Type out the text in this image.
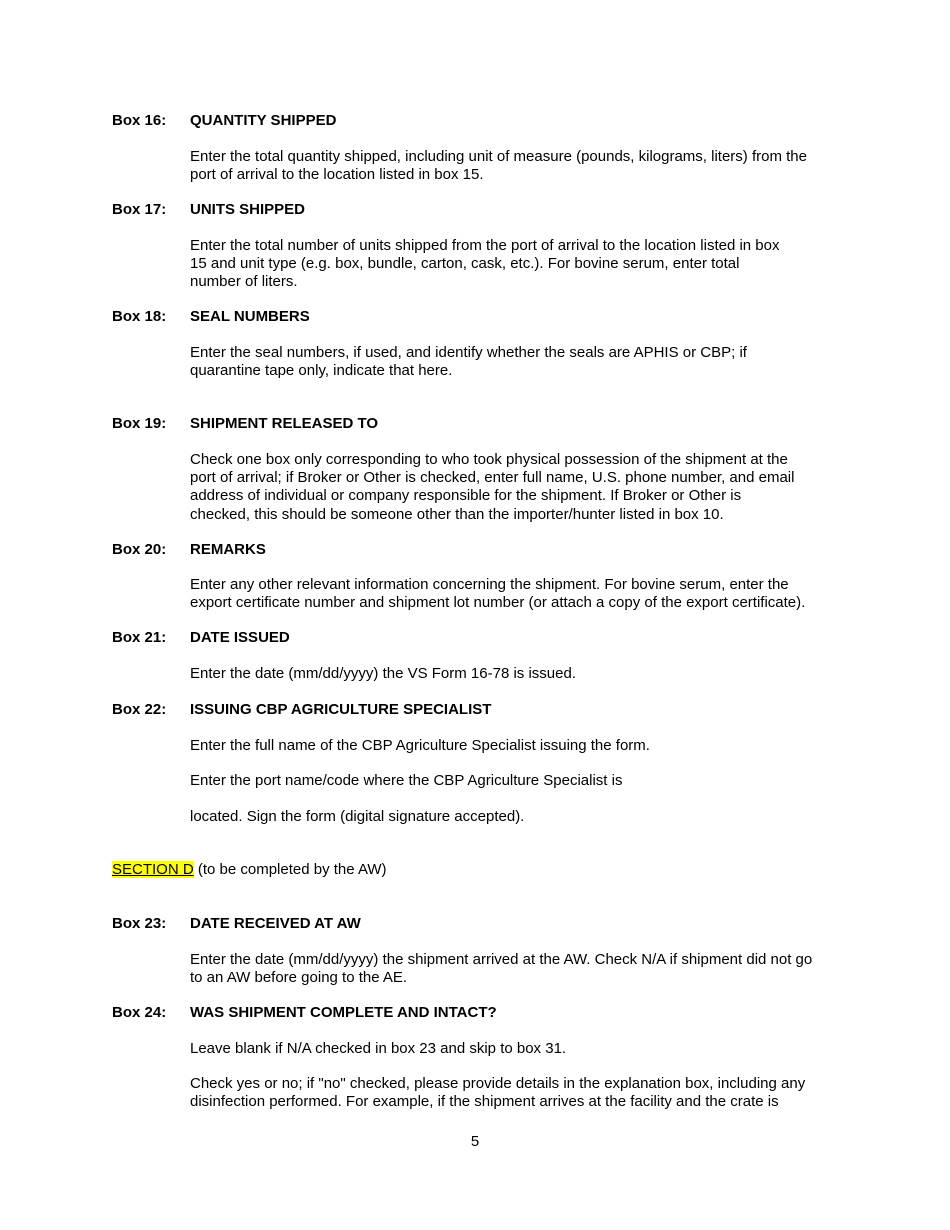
Box 16: QUANTITY SHIPPED
Enter the total quantity shipped, including unit of measure (pounds, kilograms, liters) from the
port of arrival to the location listed in box 15.
Box 17: UNITS SHIPPED
Enter the total number of units shipped from the port of arrival to the location listed in box
15 and unit type (e.g. box, bundle, carton, cask, etc.). For bovine serum, enter total
number of liters.
Box 18: SEAL NUMBERS
Enter the seal numbers, if used, and identify whether the seals are APHIS or CBP; if
quarantine tape only, indicate that here.
Box 19: SHIPMENT RELEASED TO
Check one box only corresponding to who took physical possession of the shipment at the
port of arrival; if Broker or Other is checked, enter full name, U.S. phone number, and email
address of individual or company responsible for the shipment. If Broker or Other is
checked, this should be someone other than the importer/hunter listed in box 10.
Box 20: REMARKS
Enter any other relevant information concerning the shipment. For bovine serum, enter the
export certificate number and shipment lot number (or attach a copy of the export certificate).
Box 21: DATE ISSUED
Enter the date (mm/dd/yyyy) the VS Form 16-78 is issued.
Box 22: ISSUING CBP AGRICULTURE SPECIALIST
Enter the full name of the CBP Agriculture Specialist issuing the form.
Enter the port name/code where the CBP Agriculture Specialist is
located. Sign the form (digital signature accepted).
SECTION D (to be completed by the AW)
Box 23: DATE RECEIVED AT AW
Enter the date (mm/dd/yyyy) the shipment arrived at the AW. Check N/A if shipment did not go
to an AW before going to the AE.
Box 24: WAS SHIPMENT COMPLETE AND INTACT?
Leave blank if N/A checked in box 23 and skip to box 31.
Check yes or no; if "no" checked, please provide details in the explanation box, including any
disinfection performed. For example, if the shipment arrives at the facility and the crate is
5
